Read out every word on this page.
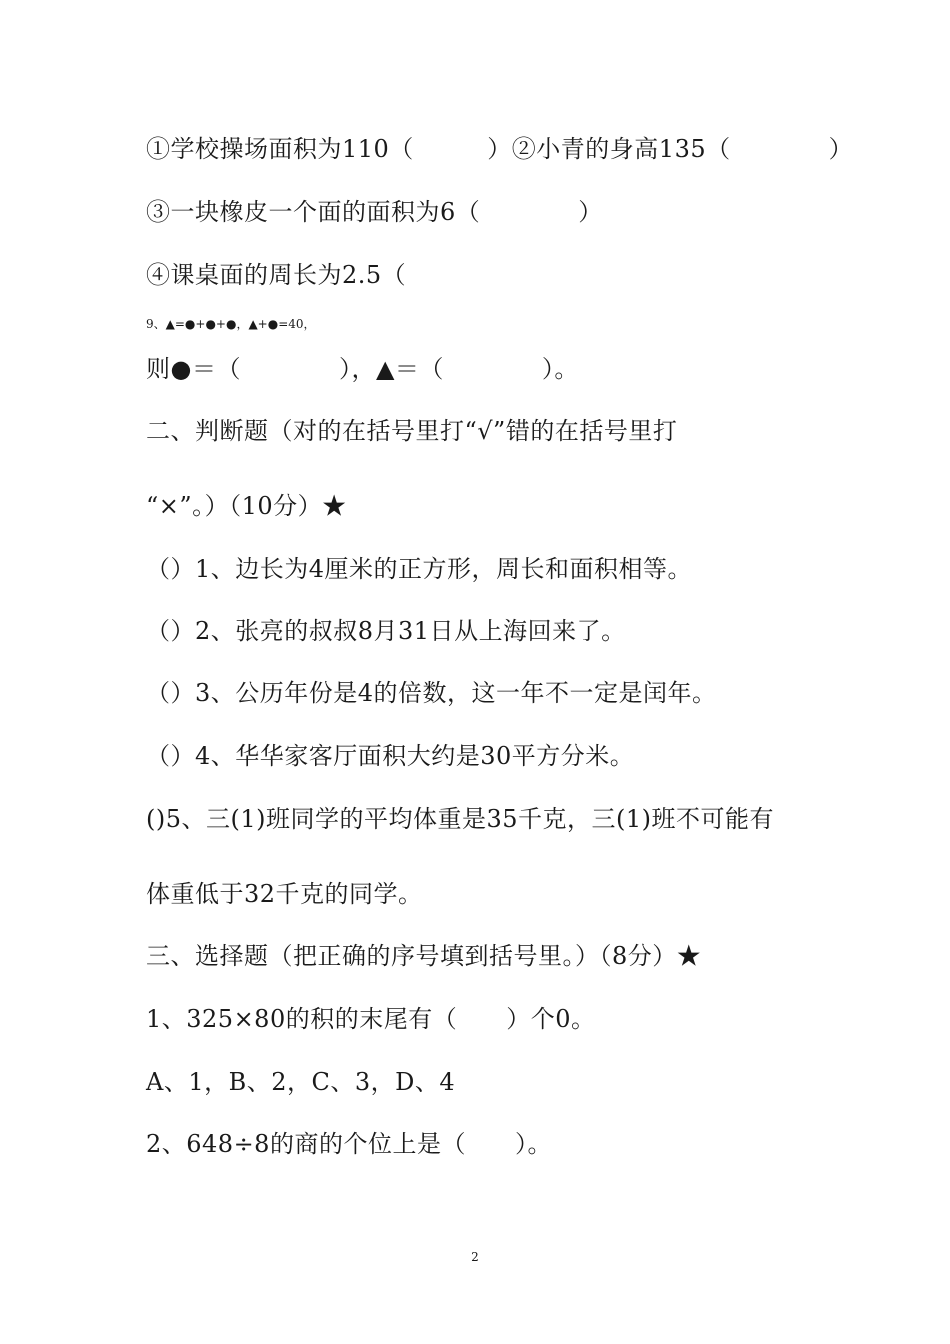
①学校操场面积为110（　　　）②小青的身高135（　　　　）
③一块橡皮一个面的面积为6（　　　　）
④课桌面的周长为2.5（
9、▲=●+●+●，▲+●=40，
则●＝（　　　　），▲＝（　　　　）。
二、判断题（对的在括号里打“√”错的在括号里打
“×”。）（10分）★
（）1、边长为4厘米的正方形，周长和面积相等。
（）2、张亮的叔叔8月31日从上海回来了。
（）3、公历年份是4的倍数，这一年不一定是闰年。
（）4、华华家客厅面积大约是30平方分米。
()5、三(1)班同学的平均体重是35千克，三(1)班不可能有
体重低于32千克的同学。
三、选择题（把正确的序号填到括号里。）（8分）★
1、325×80的积的末尾有（　　）个0。
A、1，B、2，C、3，D、4
2、648÷8的商的个位上是（　　）。
2
